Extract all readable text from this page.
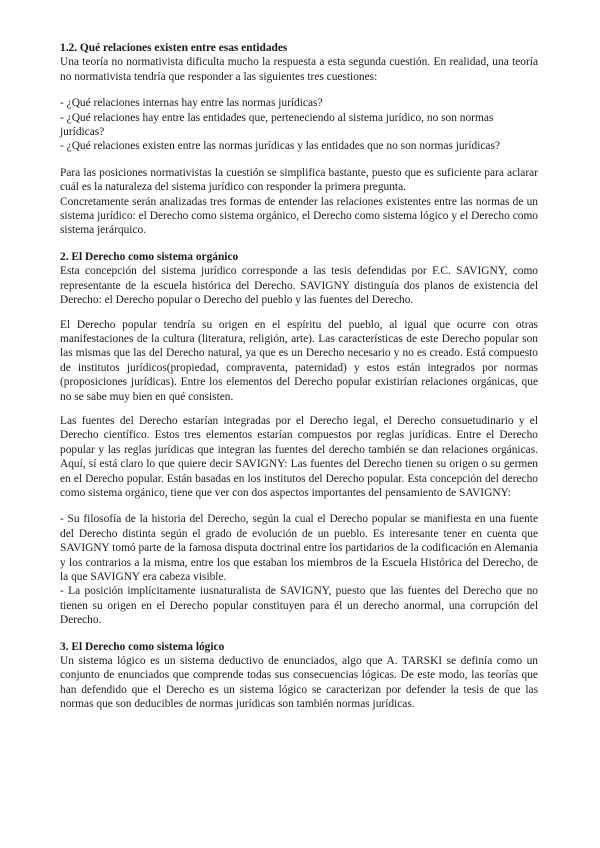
1.2. Qué relaciones existen entre esas entidades

Una teoría no normativista dificulta mucho la respuesta a esta segunda cuestión. En realidad, una teoría no normativista tendría que responder a las siguientes tres cuestiones:

- ¿Qué relaciones internas hay entre las normas jurídicas?

- ¿Qué relaciones hay entre las entidades que, perteneciendo al sistema jurídico, no son normas jurídicas?

- ¿Qué relaciones existen entre las normas jurídicas y las entidades que no son normas jurídicas?

Para las posiciones normativistas la cuestión se simplifica bastante, puesto que es suficiente para aclarar cuál es la naturaleza del sistema jurídico con responder la primera pregunta.

Concretamente serán analizadas tres formas de entender las relaciones existentes entre las normas de un sistema jurídico: el Derecho como sistema orgánico, el Derecho como sistema lógico y el Derecho como sistema jerárquico.

2. El Derecho como sistema orgánico

Esta concepción del sistema jurídico corresponde a las tesis defendidas por F.C. SAVIGNY, como representante de la escuela histórica del Derecho. SAVIGNY distinguía dos planos de existencia del Derecho: el Derecho popular o Derecho del pueblo y las fuentes del Derecho.

El Derecho popular tendría su origen en el espíritu del pueblo, al igual que ocurre con otras manifestaciones de la cultura (literatura, religión, arte). Las características de este Derecho popular son las mismas que las del Derecho natural, ya que es un Derecho necesario y no es creado. Está compuesto de institutos jurídicos(propiedad, compraventa, paternidad) y estos están integrados por normas (proposiciones jurídicas). Entre los elementos del Derecho popular existirían relaciones orgánicas, que no se sabe muy bien en qué consisten.

Las fuentes del Derecho estarían integradas por el Derecho legal, el Derecho consuetudinario y el Derecho científico. Estos tres elementos estarían compuestos por reglas jurídicas. Entre el Derecho popular y las reglas jurídicas que integran las fuentes del derecho también se dan relaciones orgánicas. Aquí, sí está claro lo que quiere decir SAVIGNY: Las fuentes del Derecho tienen su origen o su germen en el Derecho popular. Están basadas en los institutos del Derecho popular. Esta concepción del derecho como sistema orgánico, tiene que ver con dos aspectos importantes del pensamiento de SAVIGNY:

- Su filosofía de la historia del Derecho, según la cual el Derecho popular se manifiesta en una fuente del Derecho distinta según el grado de evolución de un pueblo. Es interesante tener en cuenta que SAVIGNY tomó parte de la famosa disputa doctrinal entre los partidarios de la codificación en Alemania y los contrarios a la misma, entre los que estaban los miembros de la Escuela Histórica del Derecho, de la que SAVIGNY era cabeza visible.

- La posición implícitamente iusnaturalista de SAVIGNY, puesto que las fuentes del Derecho que no tienen su origen en el Derecho popular constituyen para él un derecho anormal, una corrupción del Derecho.

3. El Derecho como sistema lógico

Un sistema lógico es un sistema deductivo de enunciados, algo que A. TARSKI se definía como un conjunto de enunciados que comprende todas sus consecuencias lógicas. De este modo, las teorías que han defendido que el Derecho es un sistema lógico se caracterizan por defender la tesis de que las normas que son deducibles de normas jurídicas son también normas jurídicas.
